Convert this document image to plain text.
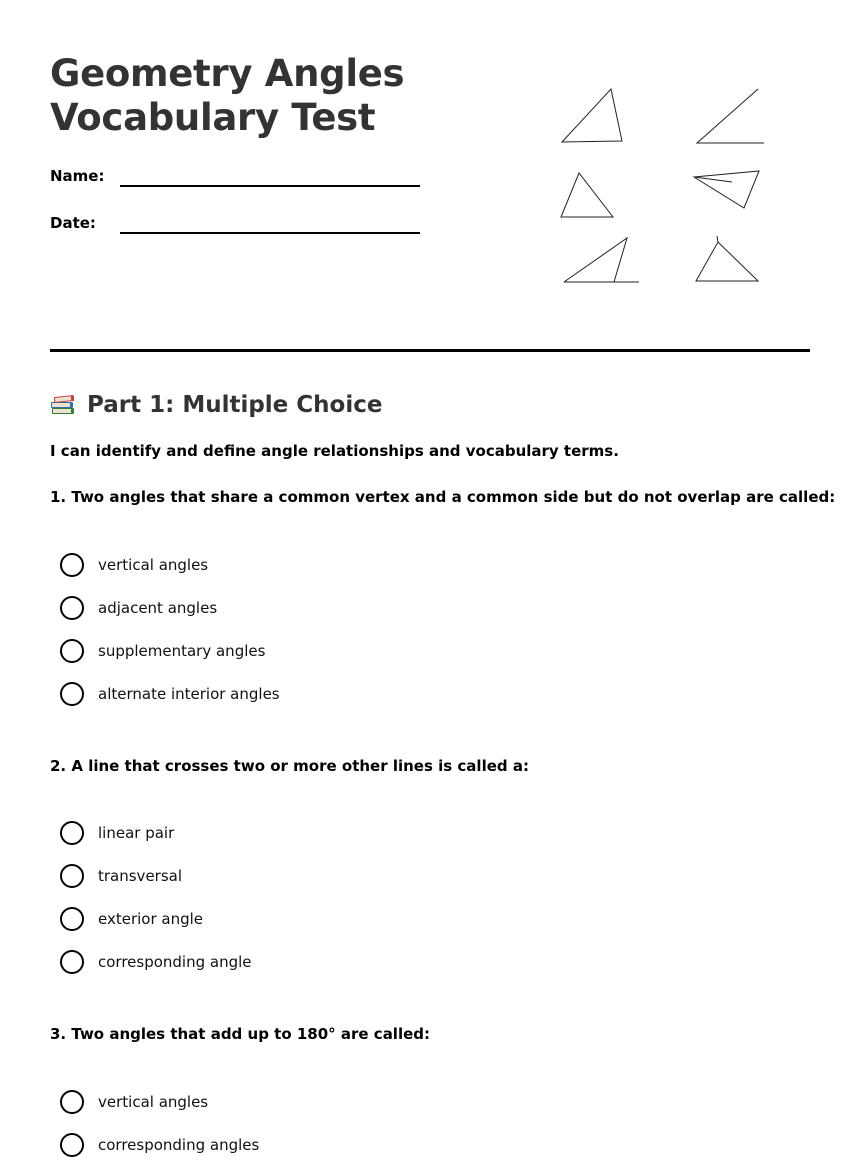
Geometry Angles
Vocabulary Test
Name:
Date:
Part 1: Multiple Choice
I can identify and define angle relationships and vocabulary terms.
1. Two angles that share a common vertex and a common side but do not overlap are called:
vertical angles
adjacent angles
supplementary angles
alternate interior angles
2. A line that crosses two or more other lines is called a:
linear pair
transversal
exterior angle
corresponding angle
3. Two angles that add up to 180° are called:
vertical angles
corresponding angles
